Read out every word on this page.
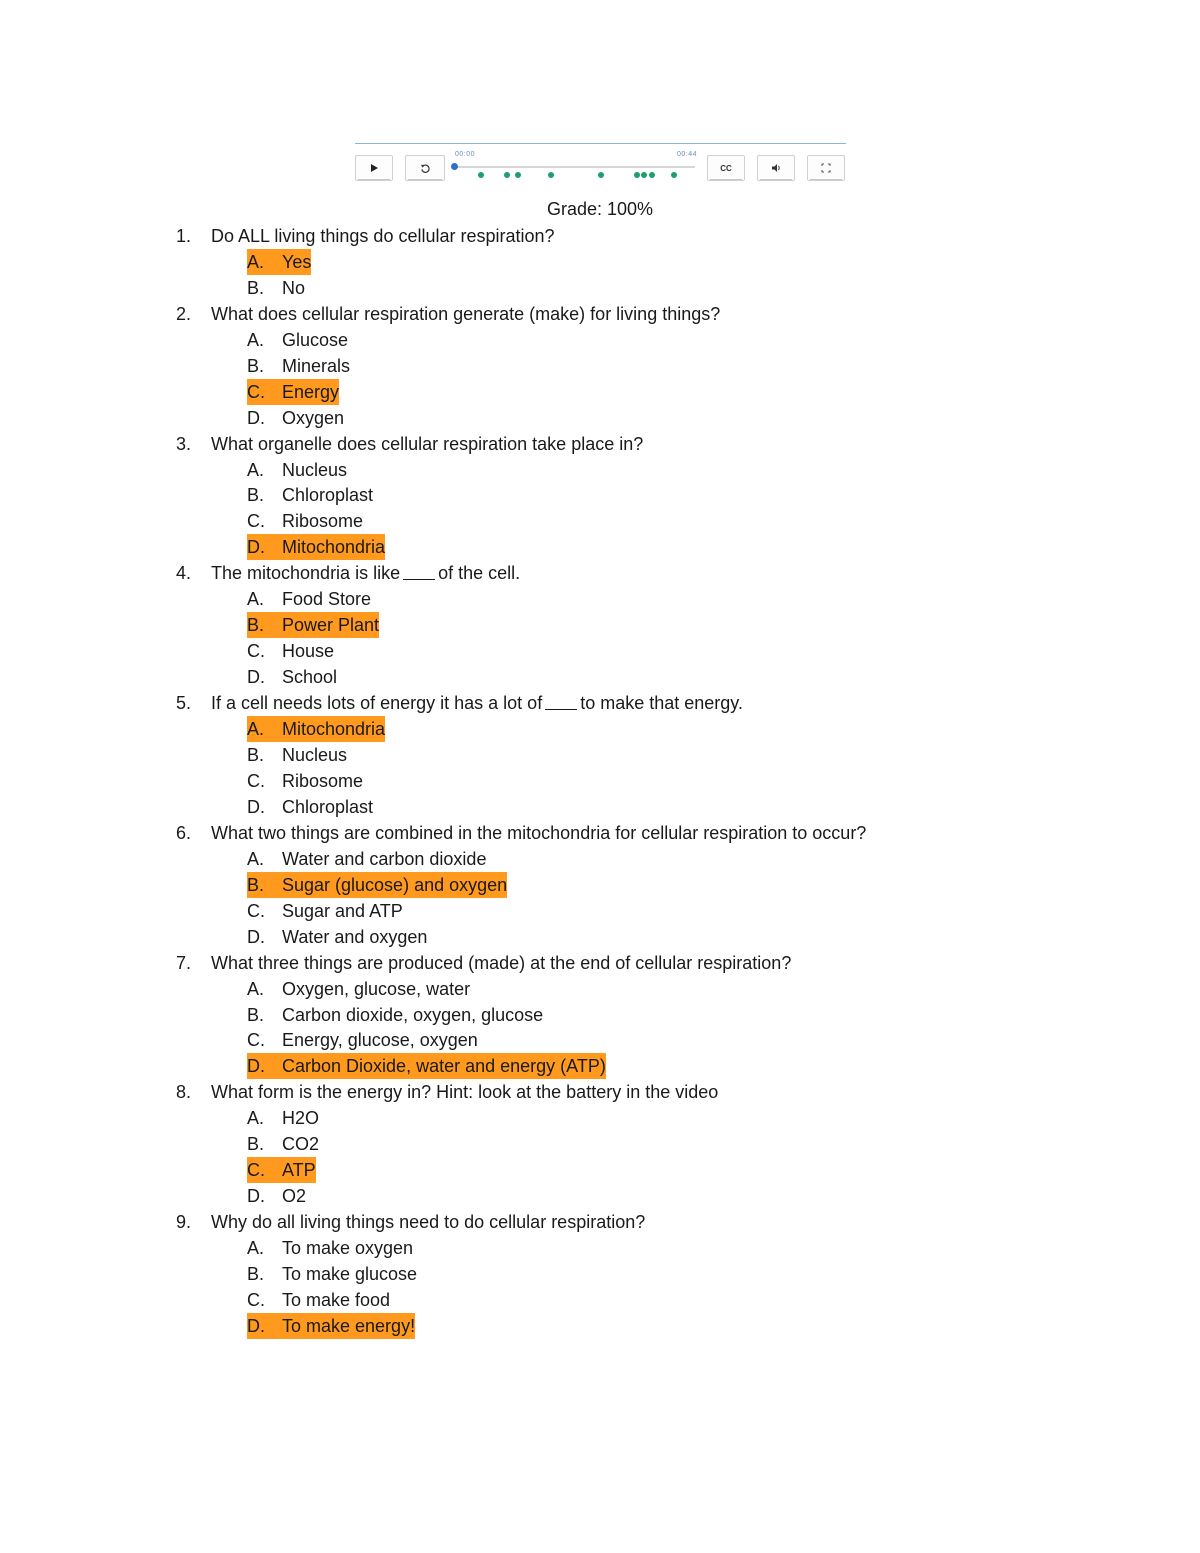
00:00	00:44
CC
Grade: 100%
1. Do ALL living things do cellular respiration?
A. Yes
B. No
2. What does cellular respiration generate (make) for living things?
A. Glucose
B. Minerals
C. Energy
D. Oxygen
3. What organelle does cellular respiration take place in?
A. Nucleus
B. Chloroplast
C. Ribosome
D. Mitochondria
4. The mitochondria is like of the cell.
A. Food Store
B. Power Plant
C. House
D. School
5. If a cell needs lots of energy it has a lot of to make that energy.
A. Mitochondria
B. Nucleus
C. Ribosome
D. Chloroplast
6. What two things are combined in the mitochondria for cellular respiration to occur?
A. Water and carbon dioxide
B. Sugar (glucose) and oxygen
C. Sugar and ATP
D. Water and oxygen
7. What three things are produced (made) at the end of cellular respiration?
A. Oxygen, glucose, water
B. Carbon dioxide, oxygen, glucose
C. Energy, glucose, oxygen
D. Carbon Dioxide, water and energy (ATP)
8. What form is the energy in? Hint: look at the battery in the video
A. H2O
B. CO2
C. ATP
D. O2
9. Why do all living things need to do cellular respiration?
A. To make oxygen
B. To make glucose
C. To make food
D. To make energy!
